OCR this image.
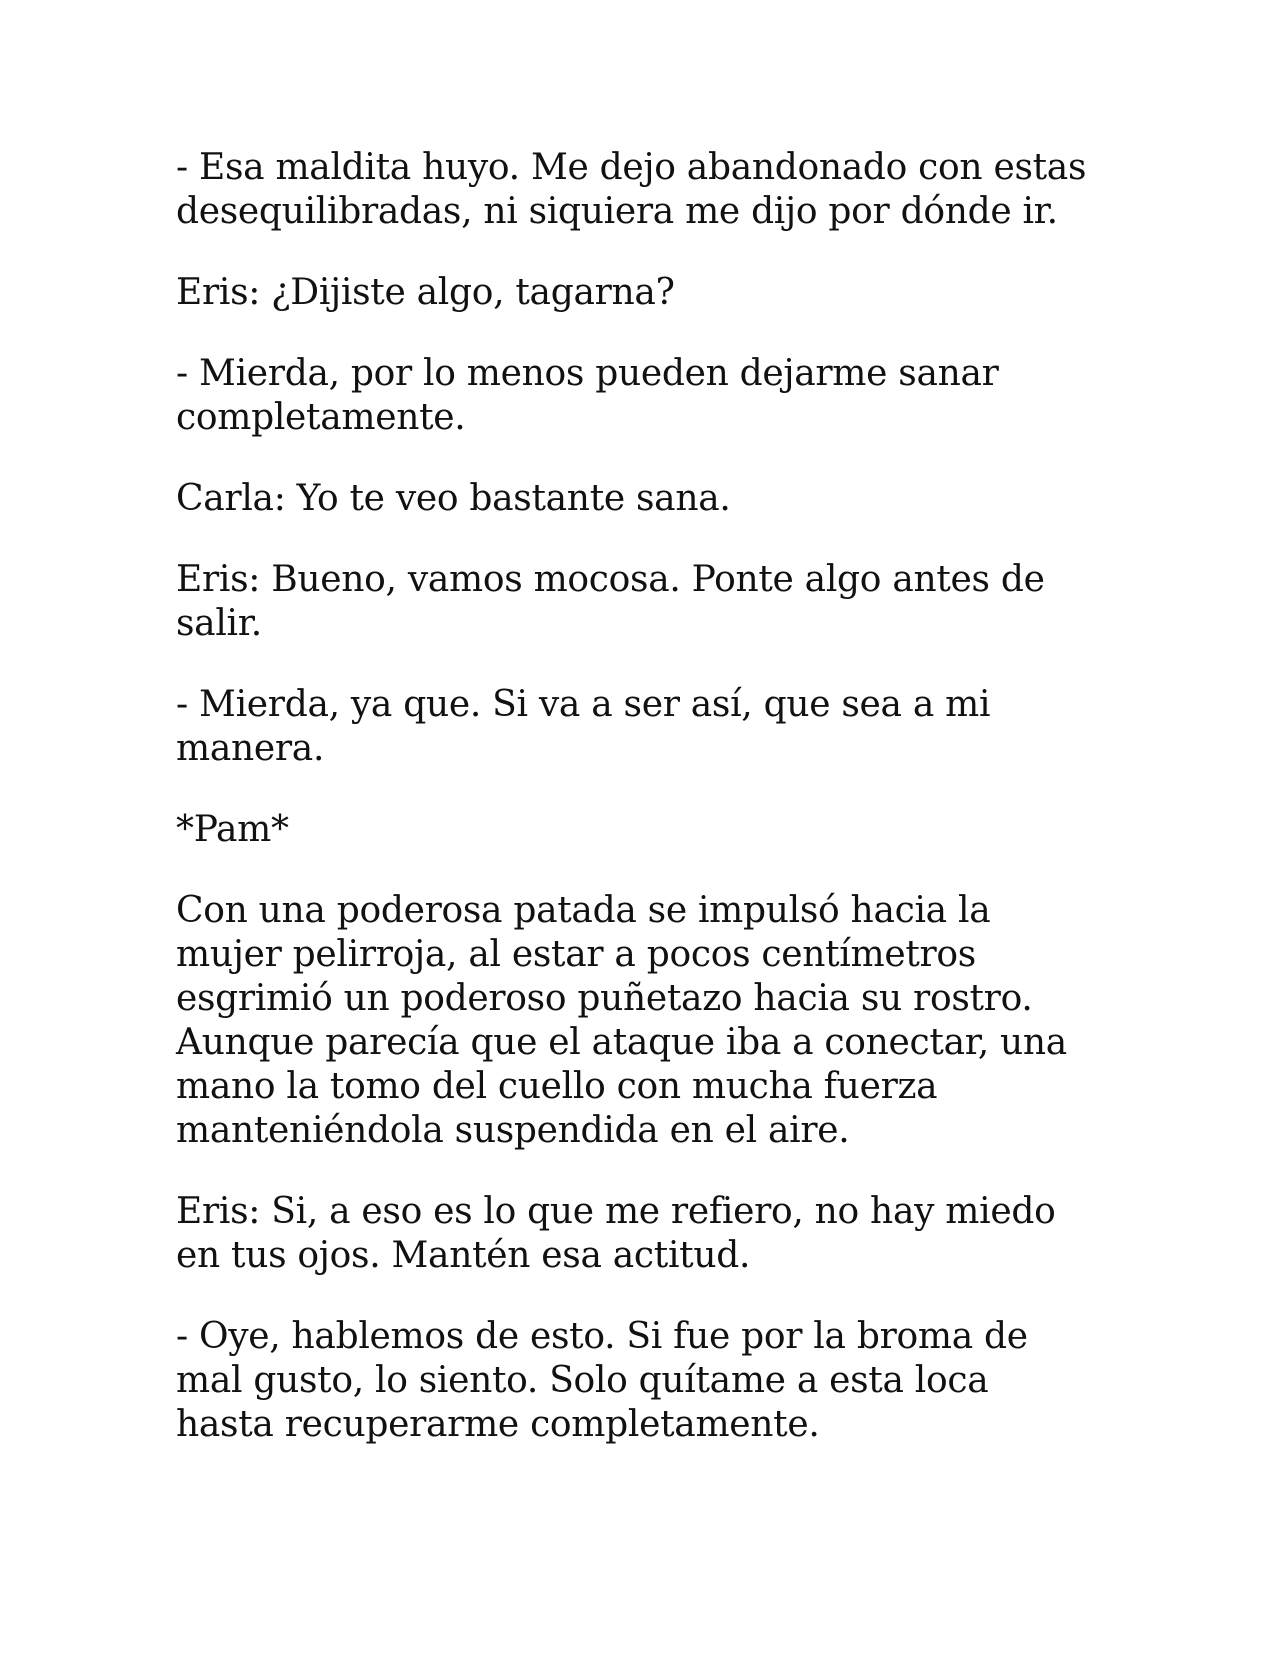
- Esa maldita huyo. Me dejo abandonado con estas
desequilibradas, ni siquiera me dijo por dónde ir.

Eris: ¿Dijiste algo, tagarna?

- Mierda, por lo menos pueden dejarme sanar
completamente.

Carla: Yo te veo bastante sana.

Eris: Bueno, vamos mocosa. Ponte algo antes de
salir.

- Mierda, ya que. Si va a ser así, que sea a mi
manera.

*Pam*

Con una poderosa patada se impulsó hacia la
mujer pelirroja, al estar a pocos centímetros
esgrimió un poderoso puñetazo hacia su rostro.
Aunque parecía que el ataque iba a conectar, una
mano la tomo del cuello con mucha fuerza
manteniéndola suspendida en el aire.

Eris: Si, a eso es lo que me refiero, no hay miedo
en tus ojos. Mantén esa actitud.

- Oye, hablemos de esto. Si fue por la broma de
mal gusto, lo siento. Solo quítame a esta loca
hasta recuperarme completamente.
